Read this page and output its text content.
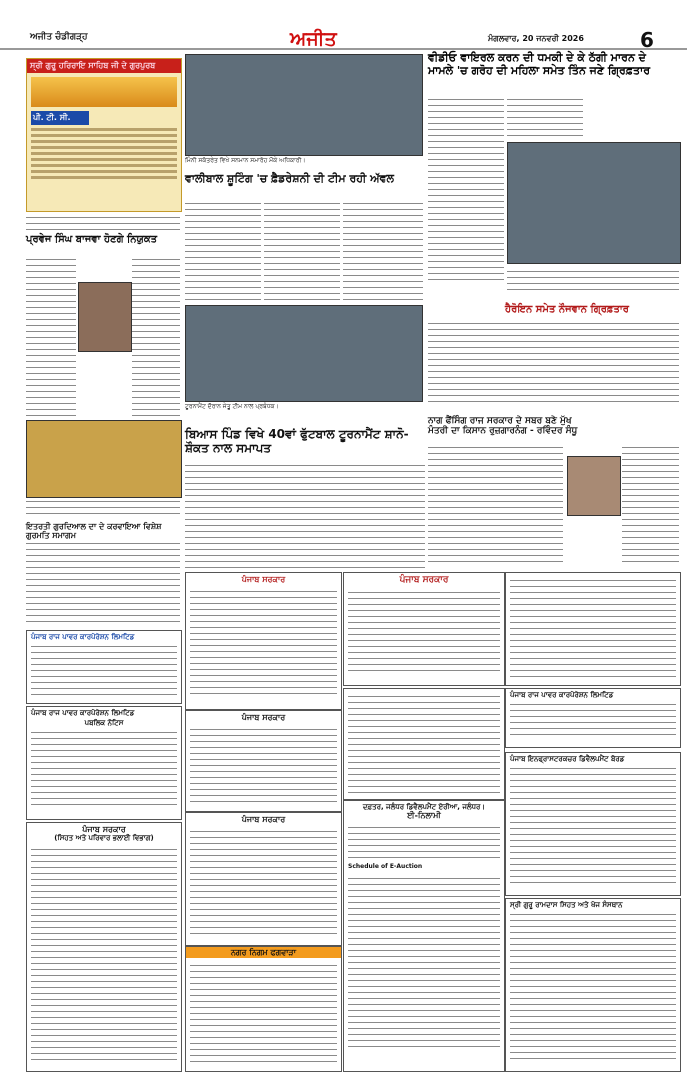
ਅਜੀਤ ਚੰਡੀਗੜ੍ਹ	ਅਜੀਤ	ਮੰਗਲਵਾਰ, 20 ਜਨਵਰੀ 2026	6
ਸ੍ਰੀ ਗੁਰੂ ਹਰਿਰਾਇ ਸਾਹਿਬ ਜੀ ਦੇ ਗੁਰਪੁਰਬ
ਪੀ. ਟੀ. ਸੀ.
ਮਿੰਨੀ ਸਕੱਤਰੇਤ ਵਿਖੇ ਸਨਮਾਨ ਸਮਾਰੋਹ ਮੌਕੇ ਅਧਿਕਾਰੀ।
ਵੀਡੀਓ ਵਾਇਰਲ ਕਰਨ ਦੀ ਧਮਕੀ ਦੇ ਕੇ ਠੱਗੀ ਮਾਰਨ ਦੇ
ਮਾਮਲੇ 'ਚ ਗਰੋਹ ਦੀ ਮਹਿਲਾ ਸਮੇਤ ਤਿੰਨ ਜਣੇ ਗ੍ਰਿਫ਼ਤਾਰ
ਵਾਲੀਬਾਲ ਸ਼ੂਟਿੰਗ 'ਚ ਫ਼ੈਡਰੇਸ਼ਨੀ ਦੀ ਟੀਮ ਰਹੀ ਅੱਵਲ
ਪ੍ਰਵੇਜ ਸਿੰਘ ਬਾਜਵਾ ਹੋਣਗੇ ਨਿਯੁਕਤ
ਹੈਰੋਇਨ ਸਮੇਤ ਨੌਜਵਾਨ ਗ੍ਰਿਫ਼ਤਾਰ
ਟੂਰਨਾਮੈਂਟ ਦੌਰਾਨ ਜੇਤੂ ਟੀਮ ਨਾਲ ਪ੍ਰਬੰਧਕ।
ਇਤਰਤੀ ਗੁਰਦਿਆਲ ਦਾ ਦੇ ਕਰਵਾਇਆ ਵਿਸ਼ੇਸ਼ ਗੁਰਮਤਿ ਸਮਾਗਮ
ਬਿਆਸ ਪਿੰਡ ਵਿਖੇ 40ਵਾਂ ਫੁੱਟਬਾਲ ਟੂਰਨਾਮੈਂਟ ਸ਼ਾਨੋ-ਸ਼ੌਕਤ ਨਾਲ ਸਮਾਪਤ
ਨਾਗ ਫੈਂਸਿੰਗ ਰਾਜ ਸਰਕਾਰ ਦੇ ਸਬਰ ਬਣੇ ਮੁੱਖ
ਮੰਤਰੀ ਦਾ ਕਿਸਾਨ ਰੁਜ਼ਗਾਰਨੰਗ - ਰਵਿੰਦਰ ਸੰਧੂ
ਪੰਜਾਬ ਸਰਕਾਰ
ਪੰਜਾਬ ਸਰਕਾਰ
ਪੰਜਾਬ ਸਰਕਾਰ
ਪੰਜਾਬ ਸਰਕਾਰ
ਪੰਜਾਬ ਰਾਜ ਪਾਵਰ ਕਾਰਪੋਰੇਸ਼ਨ ਲਿਮਟਿਡ
ਪੰਜਾਬ ਇਨਫ੍ਰਾਸਟਰਕਚਰ ਡਿਵੈਲਪਮੈਂਟ ਬੋਰਡ
ਸ੍ਰੀ ਗੁਰੂ ਰਾਮਦਾਸ ਸਿਹਤ ਅਤੇ ਖੋਜ ਸੰਸਥਾਨ
ਪੰਜਾਬ ਰਾਜ ਪਾਵਰ ਕਾਰਪੋਰੇਸ਼ਨ ਲਿਮਟਿਡ
ਪੰਜਾਬ ਰਾਜ ਪਾਵਰ ਕਾਰਪੋਰੇਸ਼ਨ ਲਿਮਟਿਡ
ਪਬਲਿਕ ਨੋਟਿਸ
ਪੰਜਾਬ ਸਰਕਾਰ
(ਸਿਹਤ ਅਤੇ ਪਰਿਵਾਰ ਭਲਾਈ ਵਿਭਾਗ)
ਨਗਰ ਨਿਗਮ ਫਗਵਾੜਾ
ਦਫ਼ਤਰ, ਜਲੰਧਰ ਡਿਵੈਲਪਮੈਂਟ ਏਰੀਆ, ਜਲੰਧਰ।
ਈ-ਨਿਲਾਮੀ
Schedule of E-Auction
